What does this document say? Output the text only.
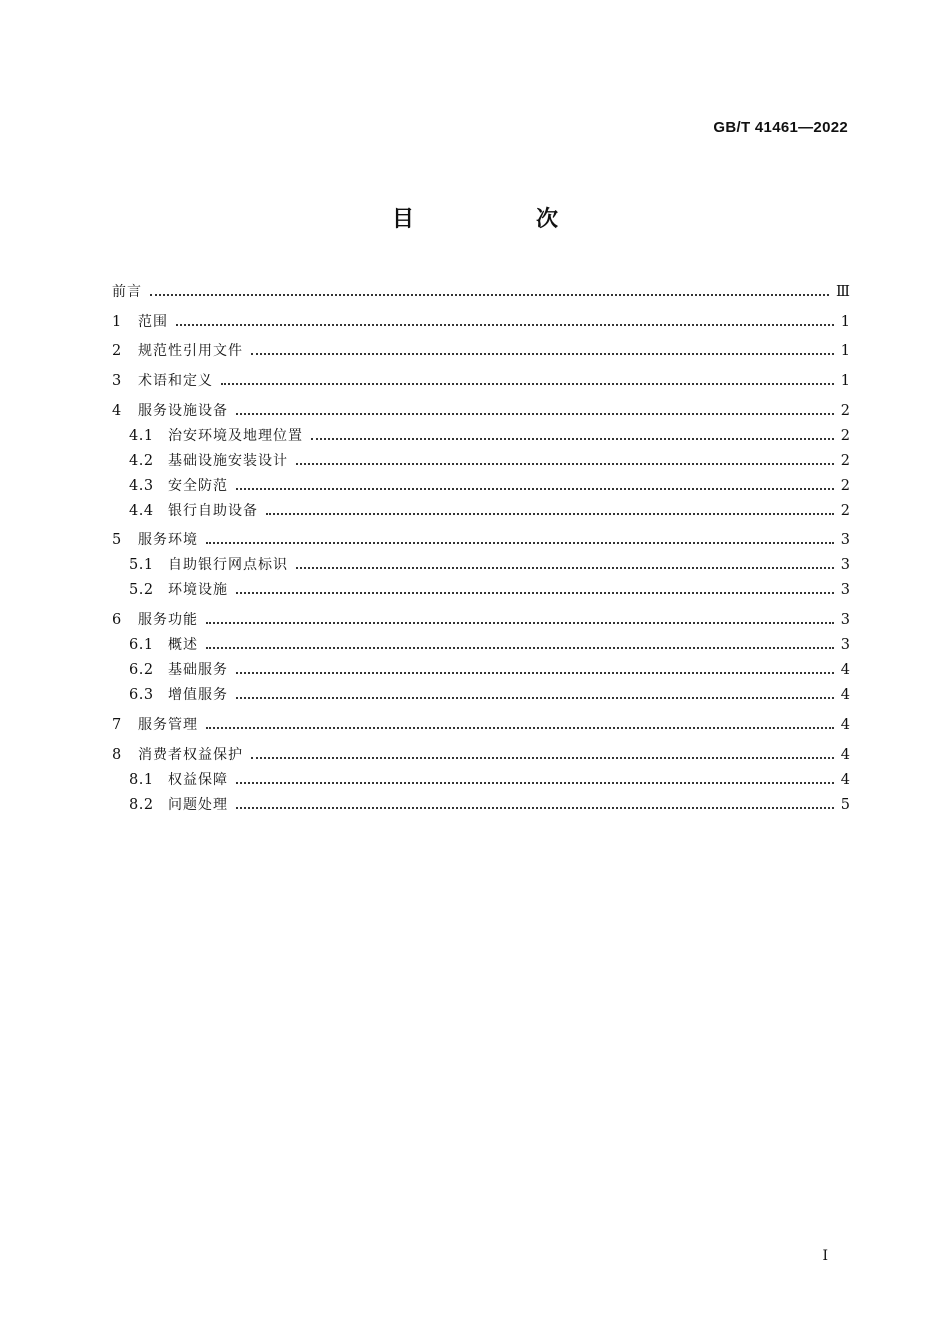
GB/T 41461—2022
目　次
前言	Ⅲ
1	范围	1
2	规范性引用文件	1
3	术语和定义	1
4	服务设施设备	2
4.1	治安环境及地理位置	2
4.2	基础设施安装设计	2
4.3	安全防范	2
4.4	银行自助设备	2
5	服务环境	3
5.1	自助银行网点标识	3
5.2	环境设施	3
6	服务功能	3
6.1	概述	3
6.2	基础服务	4
6.3	增值服务	4
7	服务管理	4
8	消费者权益保护	4
8.1	权益保障	4
8.2	问题处理	5
I
